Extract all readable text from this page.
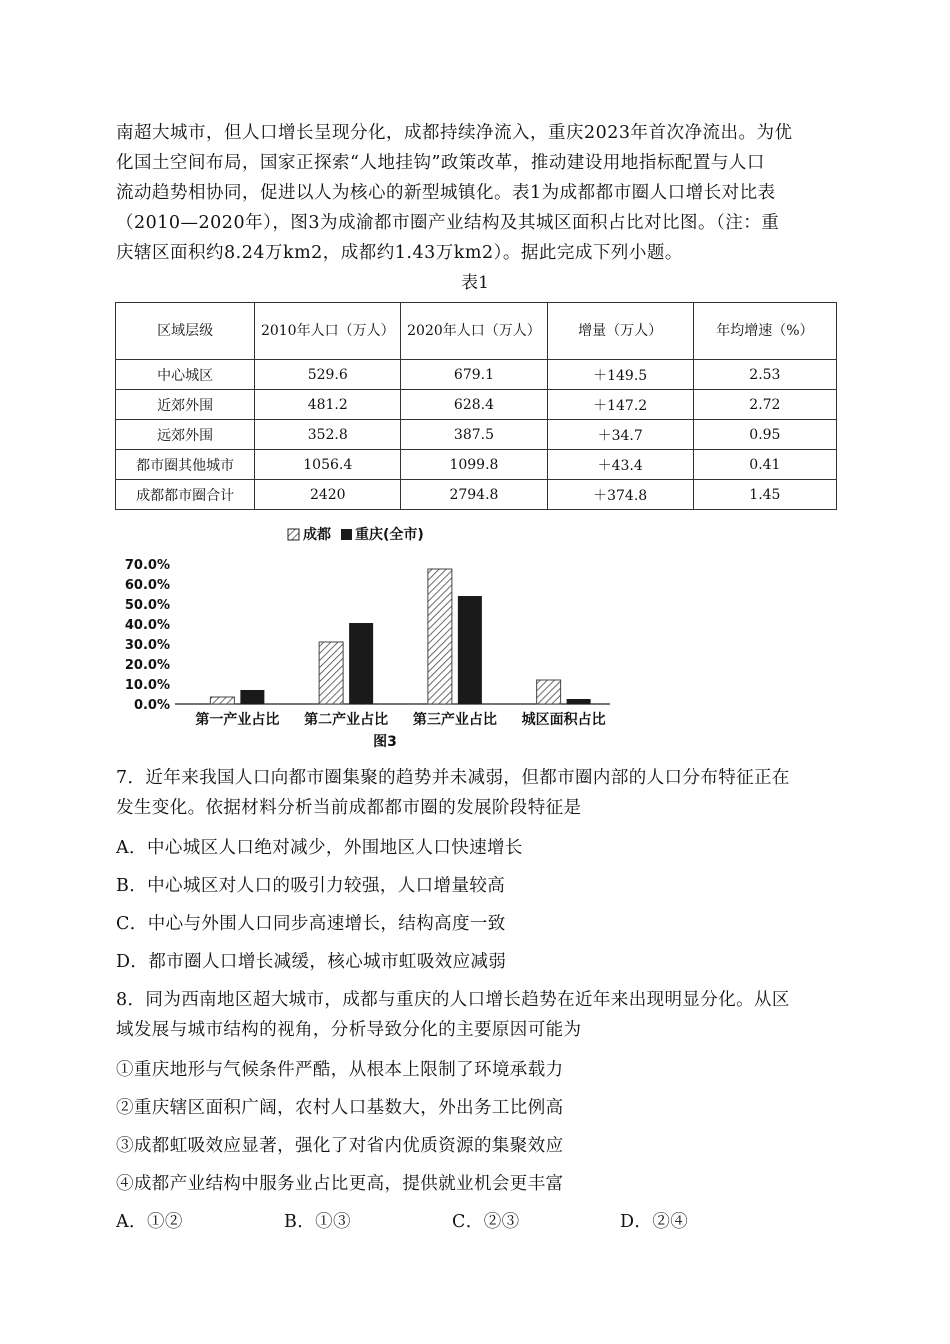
南超大城市，但人口增长呈现分化，成都持续净流入，重庆2023年首次净流出。为优

化国土空间布局，国家正探索“人地挂钩”政策改革，推动建设用地指标配置与人口

流动趋势相协同，促进以人为核心的新型城镇化。表1为成都都市圈人口增长对比表

（2010—2020年），图3为成渝都市圈产业结构及其城区面积占比对比图。（注：重

庆辖区面积约8.24万km2，成都约1.43万km2）。据此完成下列小题。

表1
区域层级	2010年人口（万人）	2020年人口（万人）	增量（万人）	年均增速（%）
中心城区	529.6	679.1	＋149.5	2.53
近郊外围	481.2	628.4	＋147.2	2.72
远郊外围	352.8	387.5	＋34.7	0.95
都市圈其他城市	1056.4	1099.8	＋43.4	0.41
成都都市圈合计	2420	2794.8	＋374.8	1.45
成都 重庆(全市)
0.0%
10.0%
20.0%
30.0%
40.0%
50.0%
60.0%
70.0%
第一产业占比 第二产业占比 第三产业占比 城区面积占比
图3

7．近年来我国人口向都市圈集聚的趋势并未减弱，但都市圈内部的人口分布特征正在
发生变化。依据材料分析当前成都都市圈的发展阶段特征是

A．中心城区人口绝对减少，外围地区人口快速增长

B．中心城区对人口的吸引力较强，人口增量较高

C．中心与外围人口同步高速增长，结构高度一致

D．都市圈人口增长减缓，核心城市虹吸效应减弱

8．同为西南地区超大城市，成都与重庆的人口增长趋势在近年来出现明显分化。从区
域发展与城市结构的视角，分析导致分化的主要原因可能为

①重庆地形与气候条件严酷，从根本上限制了环境承载力

②重庆辖区面积广阔，农村人口基数大，外出务工比例高

③成都虹吸效应显著，强化了对省内优质资源的集聚效应

④成都产业结构中服务业占比更高，提供就业机会更丰富

A．①②	B．①③	C．②③	D．②④
